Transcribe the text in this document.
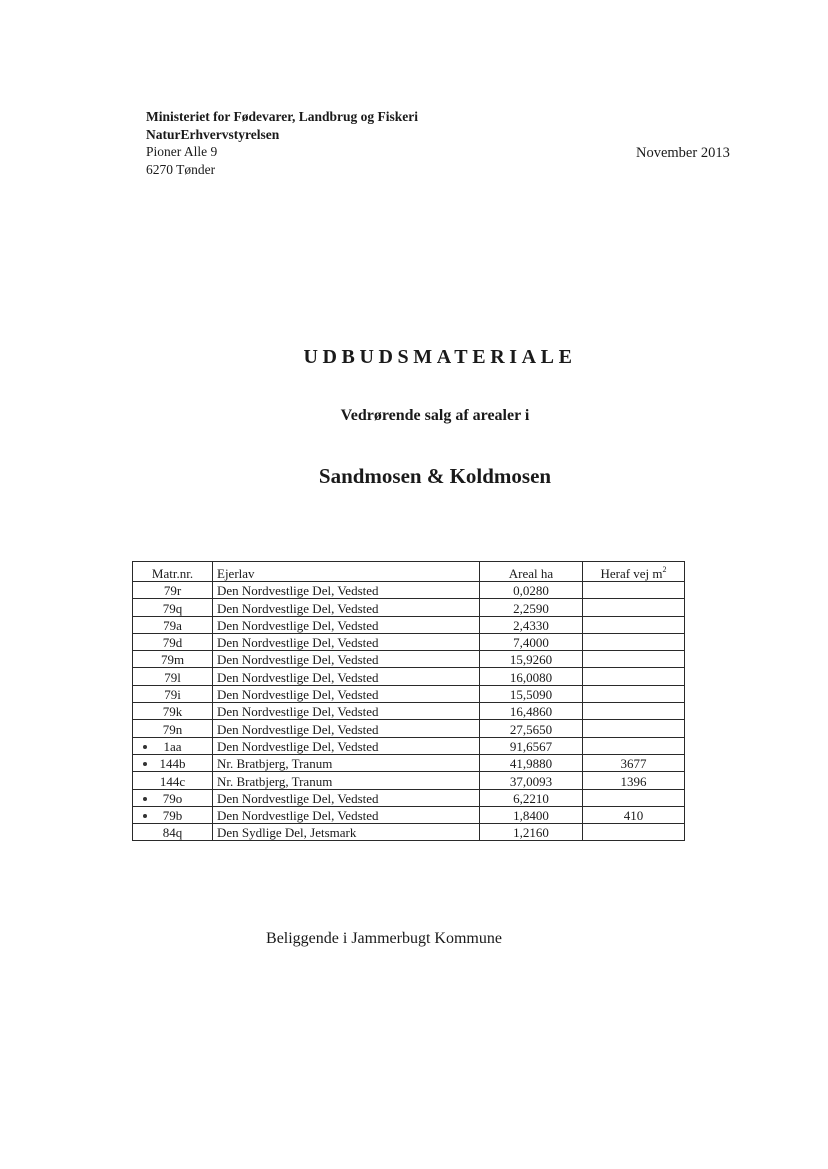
Ministeriet for Fødevarer, Landbrug og Fiskeri
NaturErhvervstyrelsen
Pioner Alle 9
6270 Tønder
November 2013
UDBUDSMATERIALE
Vedrørende salg af arealer i
Sandmosen & Koldmosen
Matr.nr.	Ejerlav	Areal ha	Heraf vej $m^2$
79r	Den Nordvestlige Del, Vedsted	0,0280	
79q	Den Nordvestlige Del, Vedsted	2,2590	
79a	Den Nordvestlige Del, Vedsted	2,4330	
79d	Den Nordvestlige Del, Vedsted	7,4000	
79m	Den Nordvestlige Del, Vedsted	15,9260	
79l	Den Nordvestlige Del, Vedsted	16,0080	
79i	Den Nordvestlige Del, Vedsted	15,5090	
79k	Den Nordvestlige Del, Vedsted	16,4860	
79n	Den Nordvestlige Del, Vedsted	27,5650	

1aa	Den Nordvestlige Del, Vedsted	91,6567	

144b	Nr. Bratbjerg, Tranum	41,9880	3677
144c	Nr. Bratbjerg, Tranum	37,0093	1396

79o	Den Nordvestlige Del, Vedsted	6,2210	

79b	Den Nordvestlige Del, Vedsted	1,8400	410
84q	Den Sydlige Del, Jetsmark	1,2160	
Beliggende i Jammerbugt Kommune
